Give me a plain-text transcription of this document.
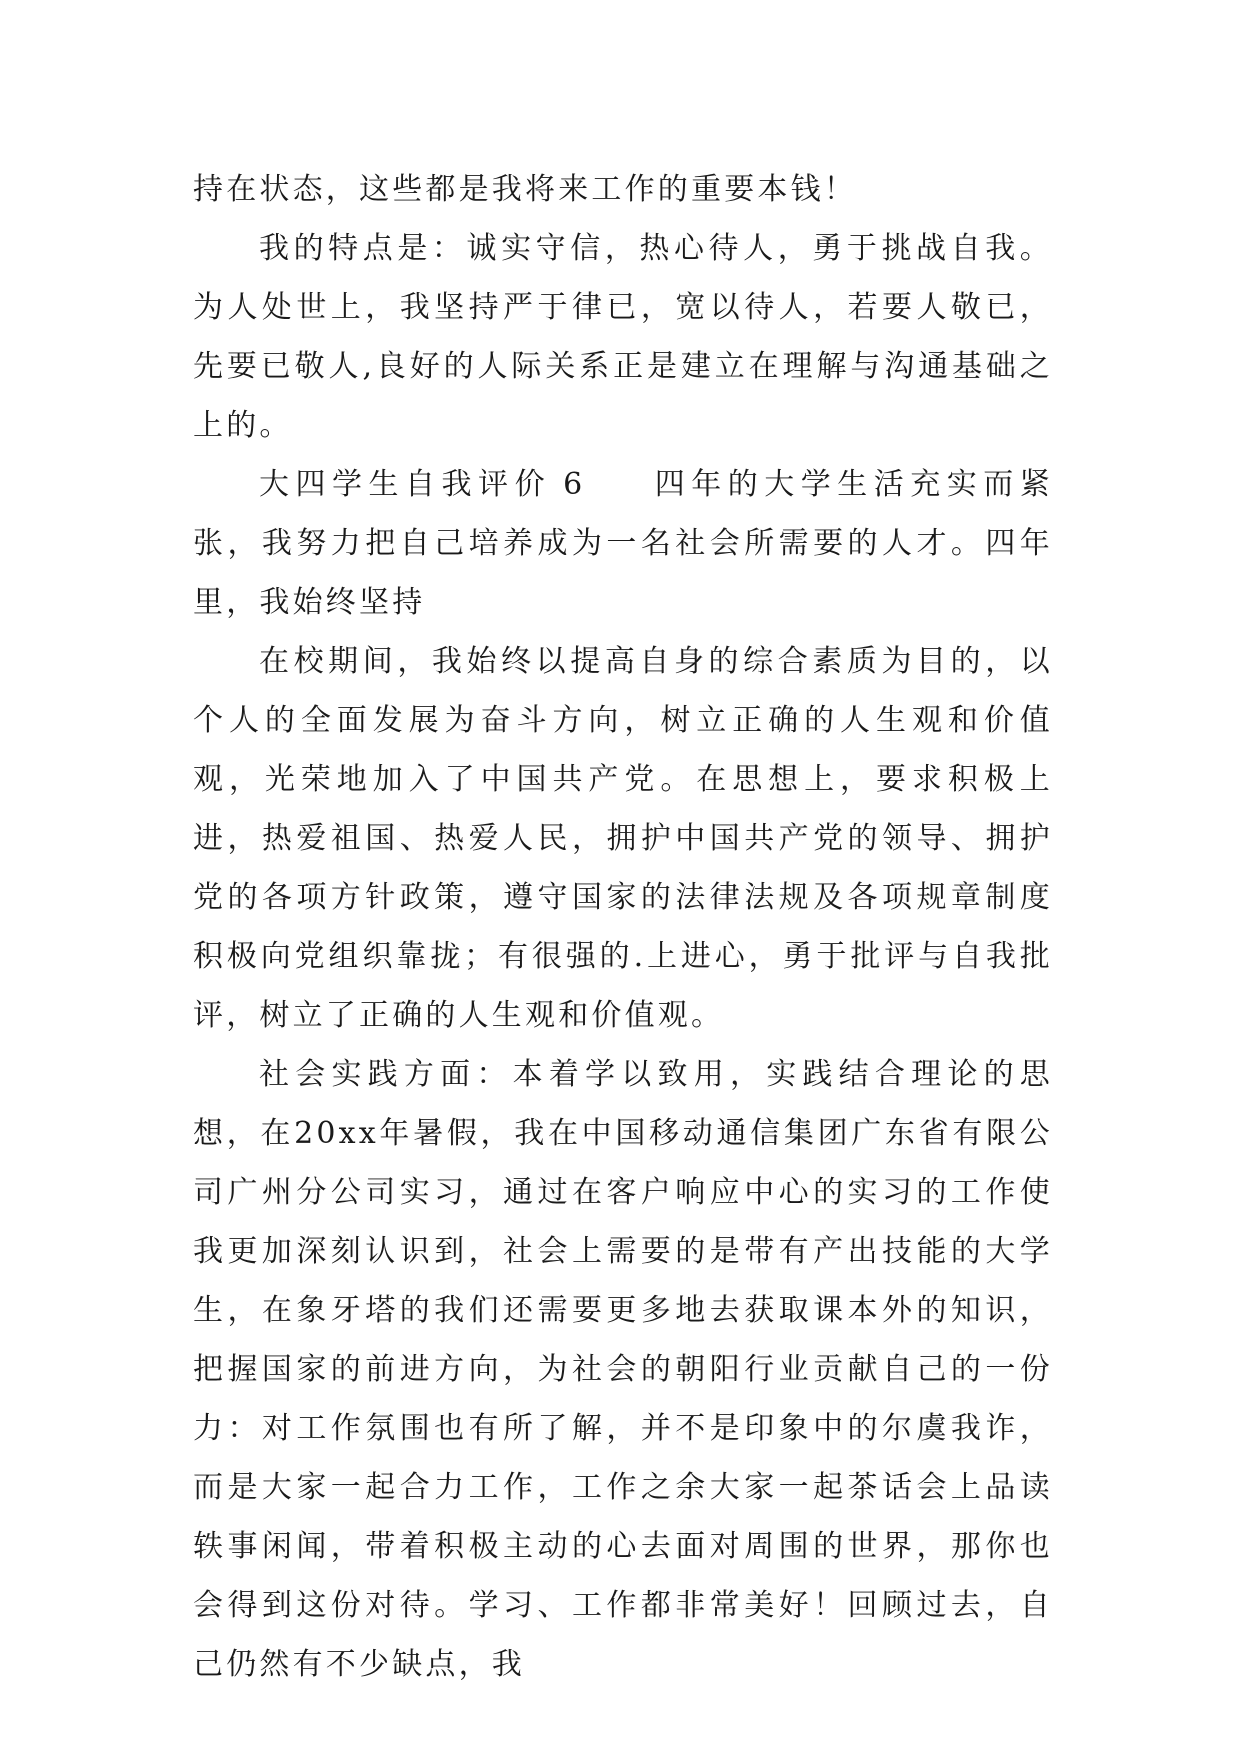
持在状态，这些都是我将来工作的重要本钱！

我的特点是：诚实守信，热心待人，勇于挑战自我。为人处世上，我坚持严于律已，宽以待人，若要人敬已，先要已敬人,良好的人际关系正是建立在理解与沟通基础之上的。

大四学生自我评价 6 四年的大学生活充实而紧张，我努力把自己培养成为一名社会所需要的人才。四年里，我始终坚持

在校期间，我始终以提高自身的综合素质为目的，以个人的全面发展为奋斗方向，树立正确的人生观和价值观，光荣地加入了中国共产党。在思想上，要求积极上进，热爱祖国、热爱人民，拥护中国共产党的领导、拥护党的各项方针政策，遵守国家的法律法规及各项规章制度积极向党组织靠拢；有很强的.上进心，勇于批评与自我批评，树立了正确的人生观和价值观。

社会实践方面：本着学以致用，实践结合理论的思想，在20xx年暑假，我在中国移动通信集团广东省有限公司广州分公司实习，通过在客户响应中心的实习的工作使我更加深刻认识到，社会上需要的是带有产出技能的大学生，在象牙塔的我们还需要更多地去获取课本外的知识，把握国家的前进方向，为社会的朝阳行业贡献自己的一份力：对工作氛围也有所了解，并不是印象中的尔虞我诈，而是大家一起合力工作，工作之余大家一起茶话会上品读轶事闲闻，带着积极主动的心去面对周围的世界，那你也会得到这份对待。学习、工作都非常美好！回顾过去，自己仍然有不少缺点，我
